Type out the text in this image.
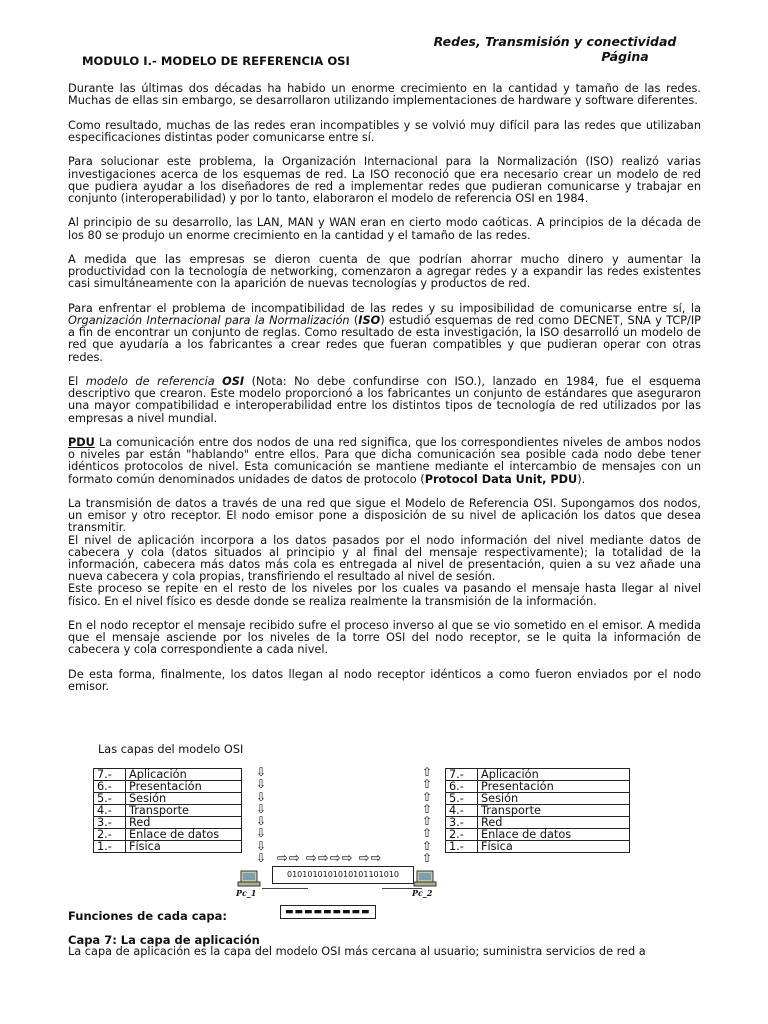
Redes, Transmisión y conectividad
Página

MODULO I.- MODELO DE REFERENCIA OSI

Durante las últimas dos décadas ha habido un enorme crecimiento en la cantidad y tamaño de las redes. Muchas de ellas sin embargo, se desarrollaron utilizando implementaciones de hardware y software diferentes.

Como resultado, muchas de las redes eran incompatibles y se volvió muy difícil para las redes que utilizaban especificaciones distintas poder comunicarse entre sí.

Para solucionar este problema, la Organización Internacional para la Normalización (ISO) realizó varias investigaciones acerca de los esquemas de red. La ISO reconoció que era necesario crear un modelo de red que pudiera ayudar a los diseñadores de red a implementar redes que pudieran comunicarse y trabajar en conjunto (interoperabilidad) y por lo tanto, elaboraron el modelo de referencia OSI en 1984.

Al principio de su desarrollo, las LAN, MAN y WAN eran en cierto modo caóticas. A principios de la década de los 80 se produjo un enorme crecimiento en la cantidad y el tamaño de las redes.

A medida que las empresas se dieron cuenta de que podrían ahorrar mucho dinero y aumentar la productividad con la tecnología de networking, comenzaron a agregar redes y a expandir las redes existentes casi simultáneamente con la aparición de nuevas tecnologías y productos de red.

Para enfrentar el problema de incompatibilidad de las redes y su imposibilidad de comunicarse entre sí, la Organización Internacional para la Normalización (ISO) estudió esquemas de red como DECNET, SNA y TCP/IP a fin de encontrar un conjunto de reglas. Como resultado de esta investigación, la ISO desarrolló un modelo de red que ayudaría a los fabricantes a crear redes que fueran compatibles y que pudieran operar con otras redes.

El modelo de referencia OSI (Nota: No debe confundirse con ISO.), lanzado en 1984, fue el esquema descriptivo que crearon. Este modelo proporcionó a los fabricantes un conjunto de estándares que aseguraron una mayor compatibilidad e interoperabilidad entre los distintos tipos de tecnología de red utilizados por las empresas a nivel mundial.

PDU La comunicación entre dos nodos de una red significa, que los correspondientes niveles de ambos nodos o niveles par están "hablando" entre ellos. Para que dicha comunicación sea posible cada nodo debe tener idénticos protocolos de nivel. Esta comunicación se mantiene mediante el intercambio de mensajes con un formato común denominados unidades de datos de protocolo (Protocol Data Unit, PDU).

La transmisión de datos a través de una red que sigue el Modelo de Referencia OSI. Supongamos dos nodos, un emisor y otro receptor. El nodo emisor pone a disposición de su nivel de aplicación los datos que desea transmitir.

El nivel de aplicación incorpora a los datos pasados por el nodo información del nivel mediante datos de cabecera y cola (datos situados al principio y al final del mensaje respectivamente); la totalidad de la información, cabecera más datos más cola es entregada al nivel de presentación, quien a su vez añade una nueva cabecera y cola propias, transfiriendo el resultado al nivel de sesión.

Este proceso se repite en el resto de los niveles por los cuales va pasando el mensaje hasta llegar al nivel físico. En el nivel físico es desde donde se realiza realmente la transmisión de la información.

En el nodo receptor el mensaje recibido sufre el proceso inverso al que se vio sometido en el emisor. A medida que el mensaje asciende por los niveles de la torre OSI del nodo receptor, se le quita la información de cabecera y cola correspondiente a cada nivel.

De esta forma, finalmente, los datos llegan al nodo receptor idénticos a como fueron enviados por el nodo emisor.

Las capas del modelo OSI
7.-	Aplicación
6.-	Presentación
5.-	Sesión
4.-	Transporte
3.-	Red
2.-	Enlace de datos
1.-	Física
7.-	Aplicación
6.-	Presentación
5.-	Sesión
4.-	Transporte
3.-	Red
2.-	Enlace de datos
1.-	Física
⇩
⇩
⇩
⇩
⇩
⇩
⇩
⇩
⇧
⇧
⇧
⇧
⇧
⇧
⇧
⇧
⇨⇨ ⇨⇨⇨⇨ ⇨⇨
0101010101010101101010
Pc_1	Pc_2
Funciones de cada capa:	▬▬▬▬▬▬▬▬▬
Capa 7: La capa de aplicación
La capa de aplicación es la capa del modelo OSI más cercana al usuario; suministra servicios de red a
